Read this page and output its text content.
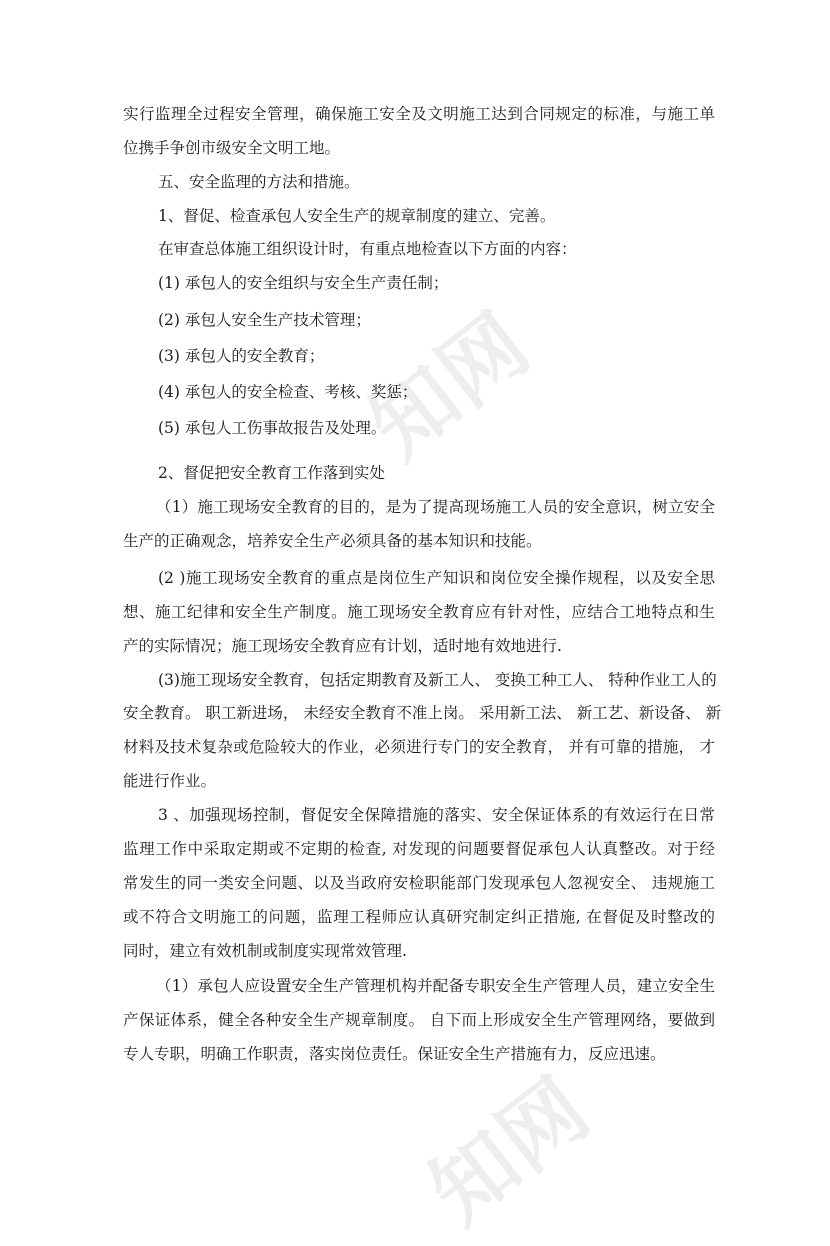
知网
知网
实行监理全过程安全管理，确保施工安全及文明施工达到合同规定的标准，与施工单
位携手争创市级安全文明工地。
五、安全监理的方法和措施。
1、督促、检查承包人安全生产的规章制度的建立、完善。
在审查总体施工组织设计时，有重点地检查以下方面的内容：
(1) 承包人的安全组织与安全生产责任制；
(2) 承包人安全生产技术管理；
(3) 承包人的安全教育；
(4) 承包人的安全检查、考核、奖惩；
(5) 承包人工伤事故报告及处理。
2、督促把安全教育工作落到实处
（1）施工现场安全教育的目的，是为了提高现场施工人员的安全意识，树立安全
生产的正确观念，培养安全生产必须具备的基本知识和技能。
(2 )施工现场安全教育的重点是岗位生产知识和岗位安全操作规程，以及安全思
想、施工纪律和安全生产制度。施工现场安全教育应有针对性，应结合工地特点和生
产的实际情况；施工现场安全教育应有计划，适时地有效地进行.
(3)施工现场安全教育，包括定期教育及新工人、 变换工种工人、 特种作业工人的
安全教育。 职工新进场， 未经安全教育不准上岗。 采用新工法、 新工艺、新设备、 新
材料及技术复杂或危险较大的作业，必须进行专门的安全教育， 并有可靠的措施， 才
能进行作业。
3 、加强现场控制，督促安全保障措施的落实、安全保证体系的有效运行在日常
监理工作中采取定期或不定期的检查, 对发现的问题要督促承包人认真整改。对于经
常发生的同一类安全问题、以及当政府安检职能部门发现承包人忽视安全、 违规施工
或不符合文明施工的问题，监理工程师应认真研究制定纠正措施, 在督促及时整改的
同时，建立有效机制或制度实现常效管理.
（1）承包人应设置安全生产管理机构并配备专职安全生产管理人员，建立安全生
产保证体系，健全各种安全生产规章制度。 自下而上形成安全生产管理网络，要做到
专人专职，明确工作职责，落实岗位责任。保证安全生产措施有力，反应迅速。
